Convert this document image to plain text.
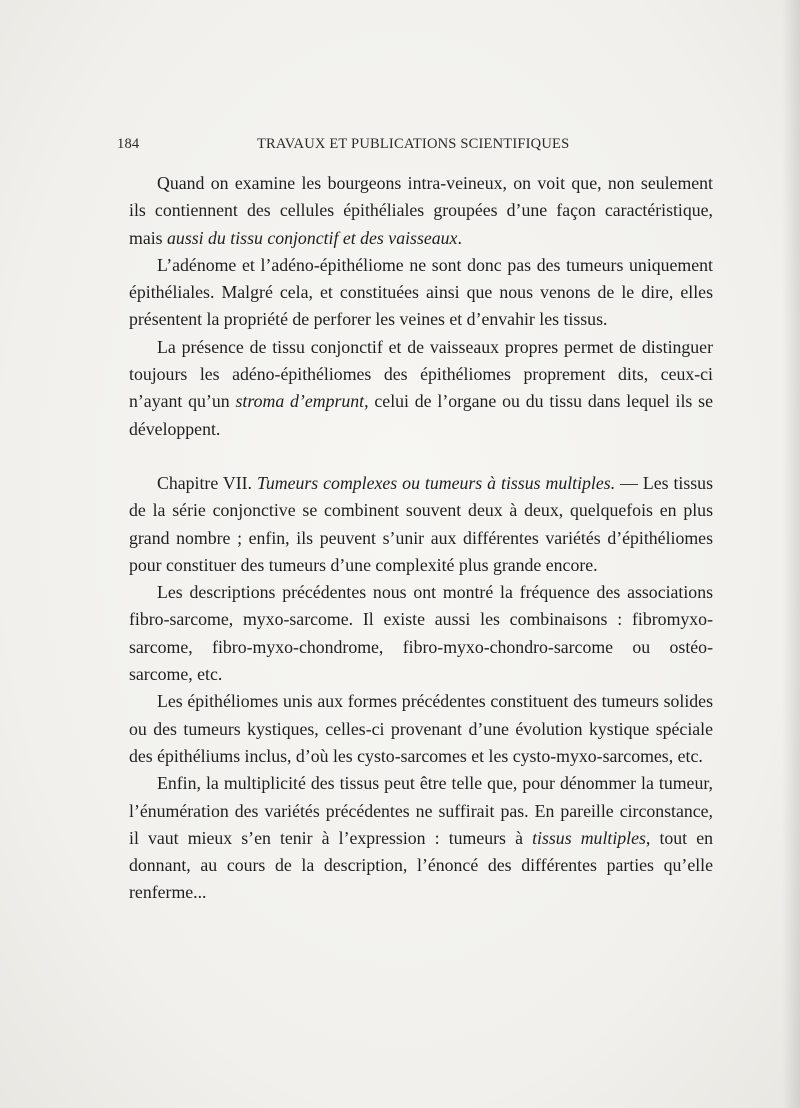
184	TRAVAUX ET PUBLICATIONS SCIENTIFIQUES

Quand on examine les bourgeons intra-veineux, on voit que, non seulement ils contiennent des cellules épithéliales groupées d’une façon caractéristique, mais aussi du tissu conjonctif et des vaisseaux.

L’adénome et l’adéno-épithéliome ne sont donc pas des tumeurs uniquement épithéliales. Malgré cela, et constituées ainsi que nous venons de le dire, elles présentent la propriété de perforer les veines et d’envahir les tissus.

La présence de tissu conjonctif et de vaisseaux propres permet de distinguer toujours les adéno-épithéliomes des épithéliomes proprement dits, ceux-ci n’ayant qu’un stroma d’emprunt, celui de l’organe ou du tissu dans lequel ils se développent.

Chapitre VII. Tumeurs complexes ou tumeurs à tissus multiples. — Les tissus de la série conjonctive se combinent souvent deux à deux, quelquefois en plus grand nombre ; enfin, ils peuvent s’unir aux différentes variétés d’épithéliomes pour constituer des tumeurs d’une complexité plus grande encore.

Les descriptions précédentes nous ont montré la fréquence des associations fibro-sarcome, myxo-sarcome. Il existe aussi les combinaisons : fibromyxo-sarcome, fibro-myxo-chondrome, fibro-myxo-chondro-sarcome ou ostéo-sarcome, etc.

Les épithéliomes unis aux formes précédentes constituent des tumeurs solides ou des tumeurs kystiques, celles-ci provenant d’une évolution kystique spéciale des épithéliums inclus, d’où les cysto-sarcomes et les cysto-myxo-sarcomes, etc.

Enfin, la multiplicité des tissus peut être telle que, pour dénommer la tumeur, l’énumération des variétés précédentes ne suffirait pas. En pareille circonstance, il vaut mieux s’en tenir à l’expression : tumeurs à tissus multiples, tout en donnant, au cours de la description, l’énoncé des différentes parties qu’elle renferme...
